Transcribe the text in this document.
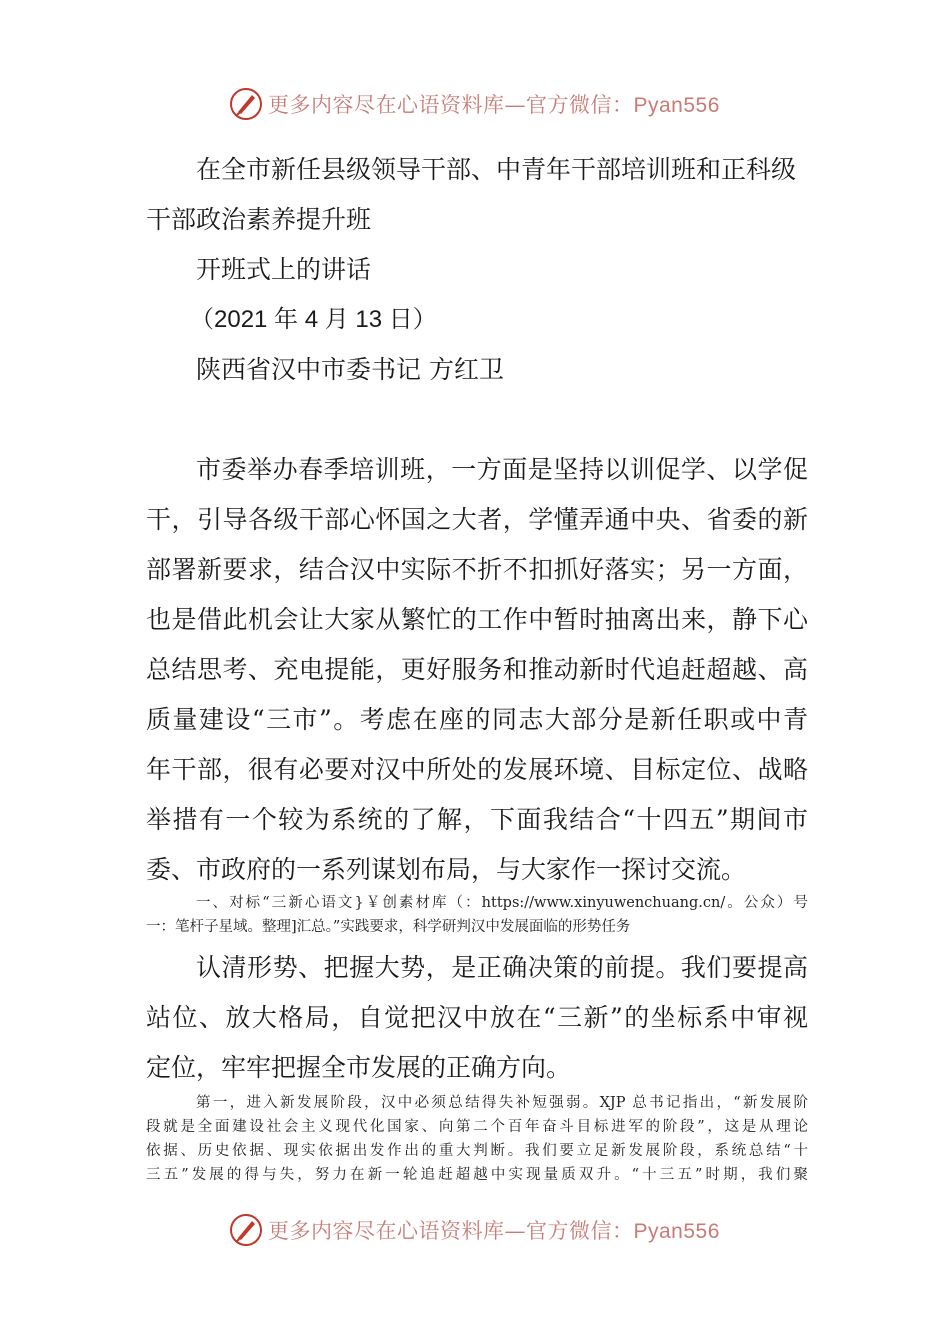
更多内容尽在心语资料库—官方微信：Pyan556

在全市新任县级领导干部、中青年干部培训班和正科级

干部政治素养提升班

开班式上的讲话

（2021 年 4 月 13 日）

陕西省汉中市委书记 方红卫

市委举办春季培训班，一方面是坚持以训促学、以学促

干，引导各级干部心怀国之大者，学懂弄通中央、省委的新

部署新要求，结合汉中实际不折不扣抓好落实；另一方面，

也是借此机会让大家从繁忙的工作中暂时抽离出来，静下心

总结思考、充电提能，更好服务和推动新时代追赶超越、高

质量建设“三市”。考虑在座的同志大部分是新任职或中青

年干部，很有必要对汉中所处的发展环境、目标定位、战略

举措有一个较为系统的了解，下面我结合“十四五”期间市

委、市政府的一系列谋划布局，与大家作一探讨交流。

一、对标“三新心语文}￥创素材库（：https://www.xinyuwenchuang.cn/。公众）号

一：笔杆子星域。整理]汇总。”实践要求，科学研判汉中发展面临的形势任务

认清形势、把握大势，是正确决策的前提。我们要提高

站位、放大格局，自觉把汉中放在“三新”的坐标系中审视

定位，牢牢把握全市发展的正确方向。

第一，进入新发展阶段，汉中必须总结得失补短强弱。XJP 总书记指出，“新发展阶

段就是全面建设社会主义现代化国家、向第二个百年奋斗目标进军的阶段”，这是从理论

依据、历史依据、现实依据出发作出的重大判断。我们要立足新发展阶段，系统总结“十

三五”发展的得与失，努力在新一轮追赶超越中实现量质双升。“十三五”时期，我们聚

更多内容尽在心语资料库—官方微信：Pyan556
